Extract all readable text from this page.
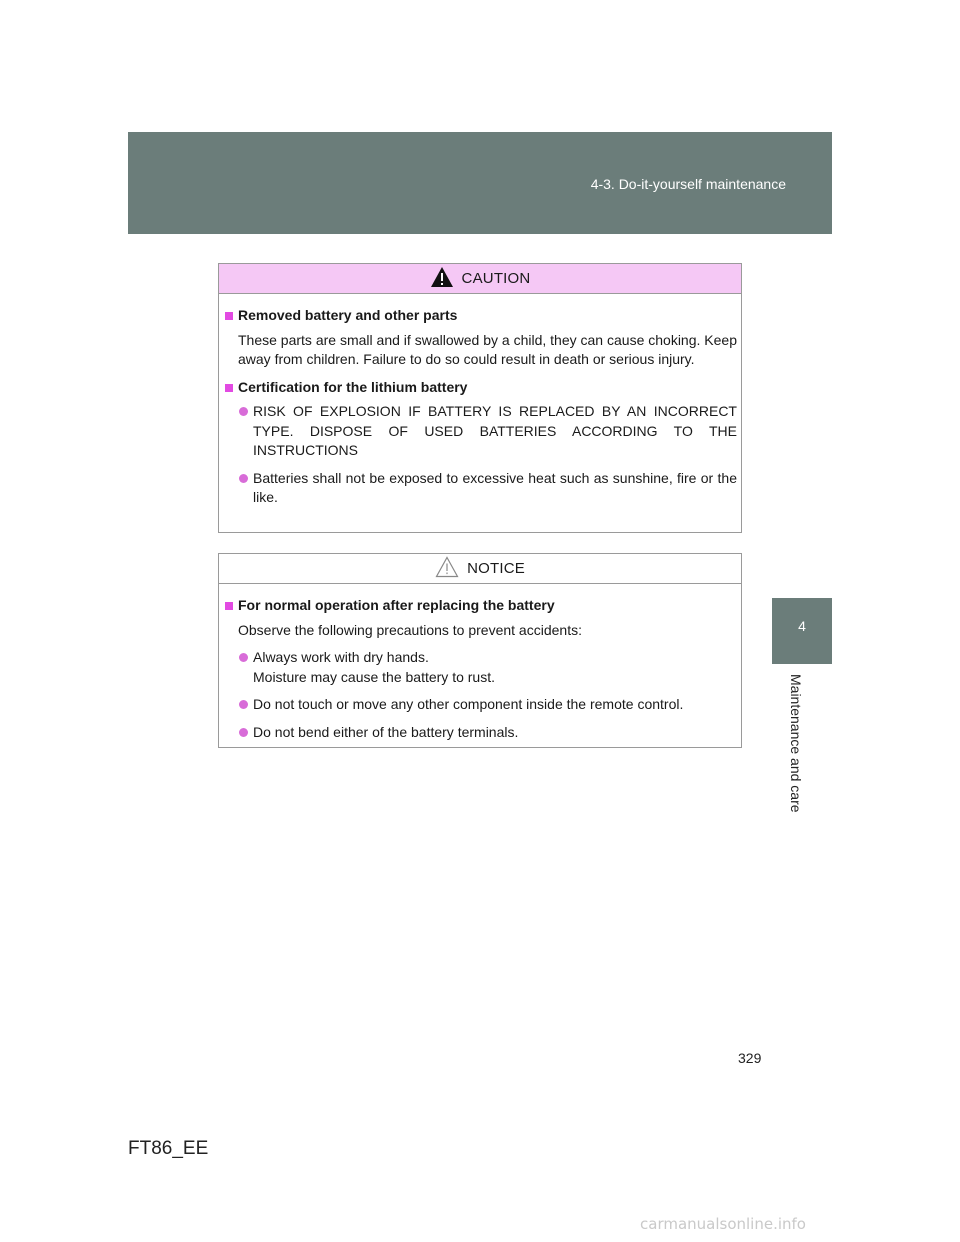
4-3. Do-it-yourself maintenance
4
Maintenance and care
CAUTION
Removed battery and other parts
These parts are small and if swallowed by a child, they can cause choking. Keep away from children. Failure to do so could result in death or serious injury.
Certification for the lithium battery
RISK OF EXPLOSION IF BATTERY IS REPLACED BY AN INCORRECT TYPE. DISPOSE OF USED BATTERIES ACCORDING TO THE INSTRUCTIONS
Batteries shall not be exposed to excessive heat such as sunshine, fire or the like.
NOTICE
For normal operation after replacing the battery
Observe the following precautions to prevent accidents:
Always work with dry hands.
Moisture may cause the battery to rust.
Do not touch or move any other component inside the remote control.
Do not bend either of the battery terminals.
329
FT86_EE
carmanualsonline.info
